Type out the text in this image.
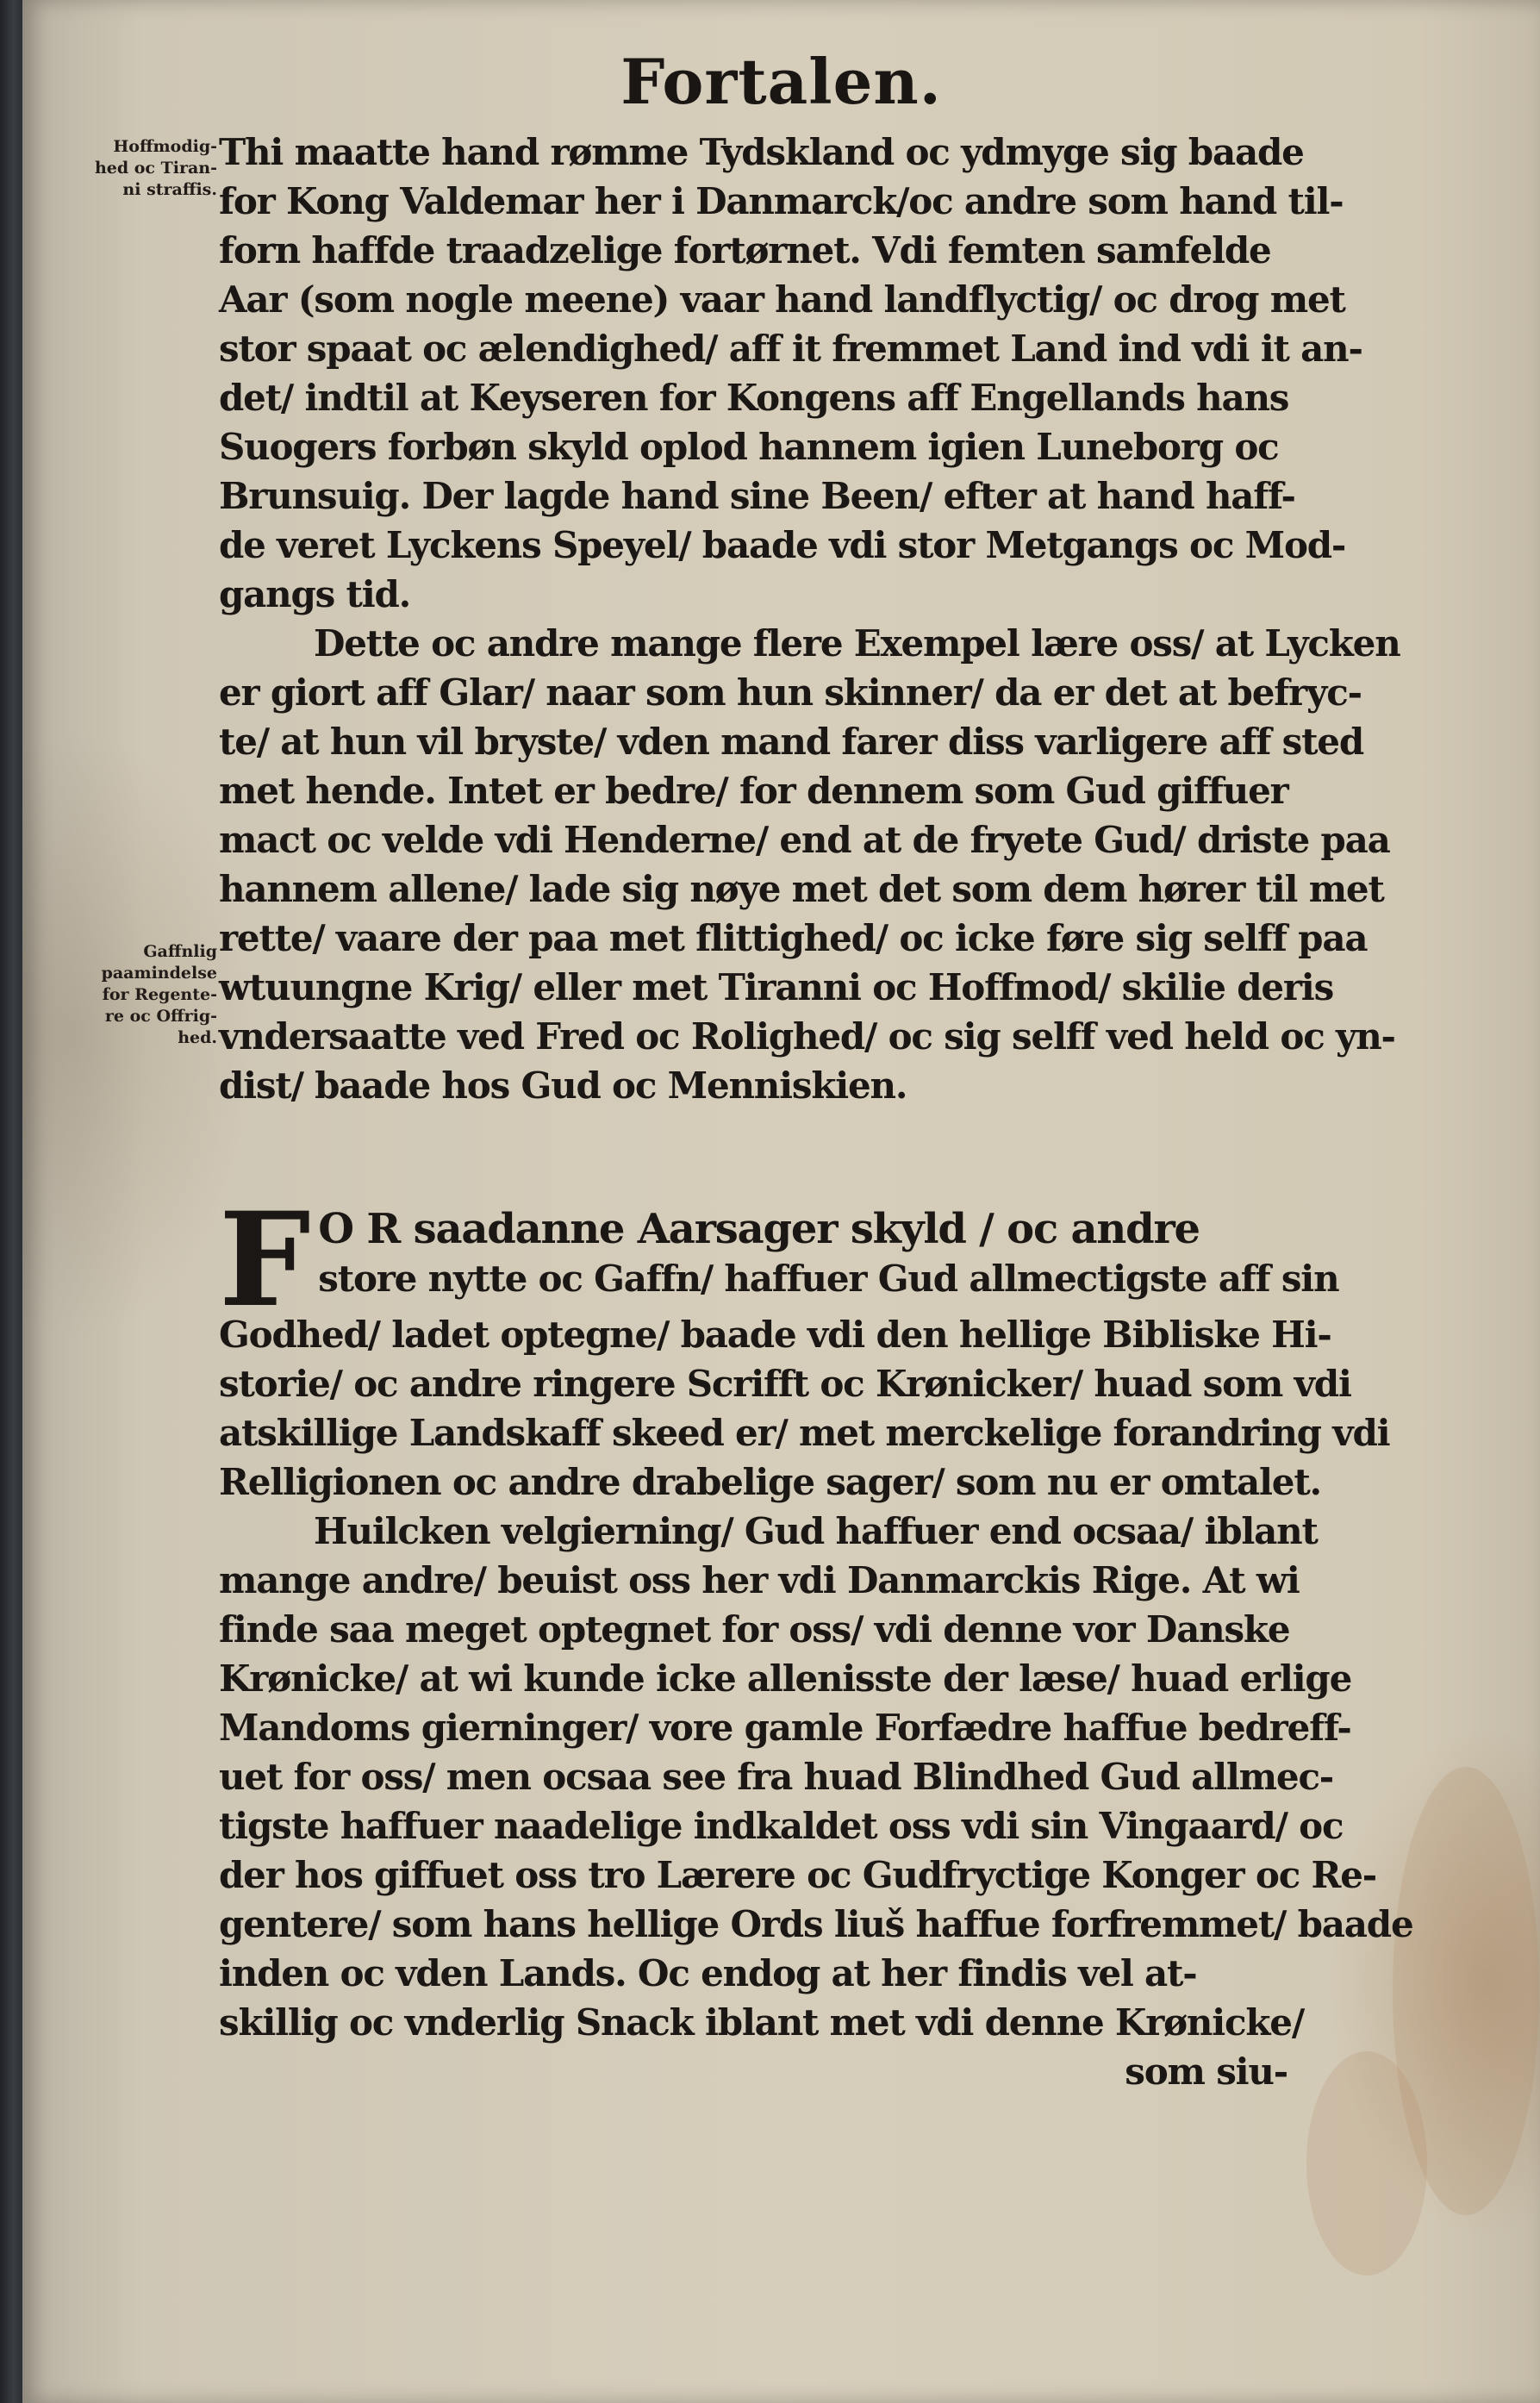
Fortalen.
Hoffmodig-
hed oc Tiran-
ni straffis.
Gaffnlig
paamindelse
for Regente-
re oc Offrig-
hed.
Thi maatte hand rømme Tydskland oc ydmyge sig baade
for Kong Valdemar her i Danmarck/oc andre som hand til-
forn haffde traadzelige fortørnet. Vdi femten samfelde
Aar (som nogle meene) vaar hand landflyctig/ oc drog met
stor spaat oc ælendighed/ aff it fremmet Land ind vdi it an-
det/ indtil at Keyseren for Kongens aff Engellands hans
Suogers forbøn skyld oplod hannem igien Luneborg oc
Brunsuig. Der lagde hand sine Been/ efter at hand haff-
de veret Lyckens Speyel/ baade vdi stor Metgangs oc Mod-
gangs tid.
Dette oc andre mange flere Exempel lære oss/ at Lycken
er giort aff Glar/ naar som hun skinner/ da er det at befryc-
te/ at hun vil bryste/ vden mand farer diss varligere aff sted
met hende. Intet er bedre/ for dennem som Gud giffuer
mact oc velde vdi Henderne/ end at de fryete Gud/ driste paa
hannem allene/ lade sig nøye met det som dem hører til met
rette/ vaare der paa met flittighed/ oc icke føre sig selff paa
wtuungne Krig/ eller met Tiranni oc Hoffmod/ skilie deris
vndersaatte ved Fred oc Rolighed/ oc sig selff ved held oc yn-
dist/ baade hos Gud oc Menniskien.
F O R saadanne Aarsager skyld / oc andre
store nytte oc Gaffn/ haffuer Gud allmectigste aff sin
Godhed/ ladet optegne/ baade vdi den hellige Bibliske Hi-
storie/ oc andre ringere Scrifft oc Krønicker/ huad som vdi
atskillige Landskaff skeed er/ met merckelige forandring vdi
Relligionen oc andre drabelige sager/ som nu er omtalet.
Huilcken velgierning/ Gud haffuer end ocsaa/ iblant
mange andre/ beuist oss her vdi Danmarckis Rige. At wi
finde saa meget optegnet for oss/ vdi denne vor Danske
Krønicke/ at wi kunde icke allenisste der læse/ huad erlige
Mandoms gierninger/ vore gamle Forfædre haffue bedreff-
uet for oss/ men ocsaa see fra huad Blindhed Gud allmec-
tigste haffuer naadelige indkaldet oss vdi sin Vingaard/ oc
der hos giffuet oss tro Lærere oc Gudfryctige Konger oc Re-
gentere/ som hans hellige Ords liuš haffue forfremmet/ baade
inden oc vden Lands. Oc endog at her findis vel at-
skillig oc vnderlig Snack iblant met vdi denne Krønicke/
som siu-
